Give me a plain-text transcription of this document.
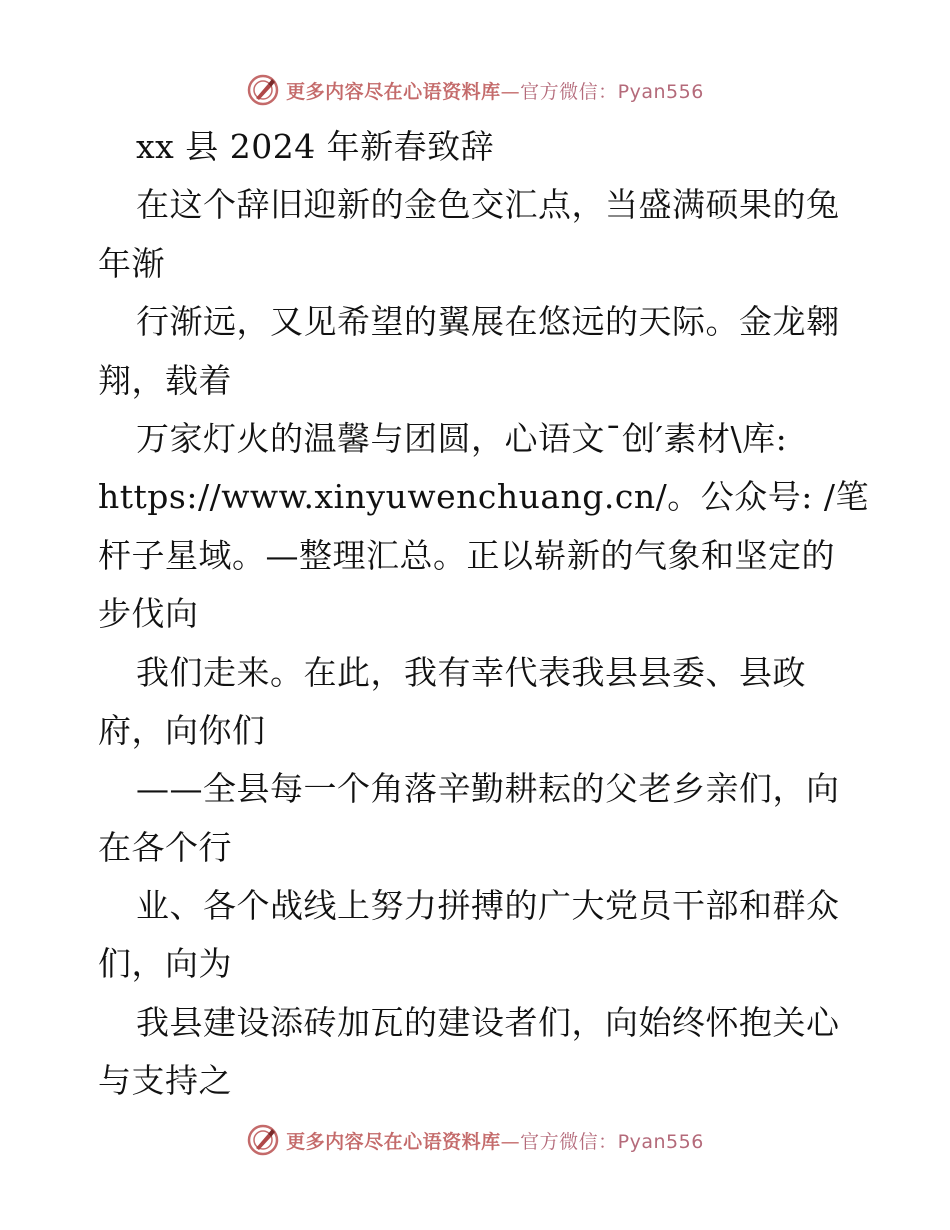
更多内容尽在心语资料库—官方微信：Pyan556
xx 县 2024 年新春致辞
在这个辞旧迎新的金色交汇点，当盛满硕果的兔
年渐
行渐远，又见希望的翼展在悠远的天际。金龙翱
翔，载着
万家灯火的温馨与团圆，心语文¯创′素材\库:
https://www.xinyuwenchuang.cn/。公众号: /笔
杆子星域。—整理汇总。正以崭新的气象和坚定的
步伐向
我们走来。在此，我有幸代表我县县委、县政
府，向你们
——全县每一个角落辛勤耕耘的父老乡亲们，向
在各个行
业、各个战线上努力拼搏的广大党员干部和群众
们，向为
我县建设添砖加瓦的建设者们，向始终怀抱关心
与支持之
更多内容尽在心语资料库—官方微信：Pyan556
